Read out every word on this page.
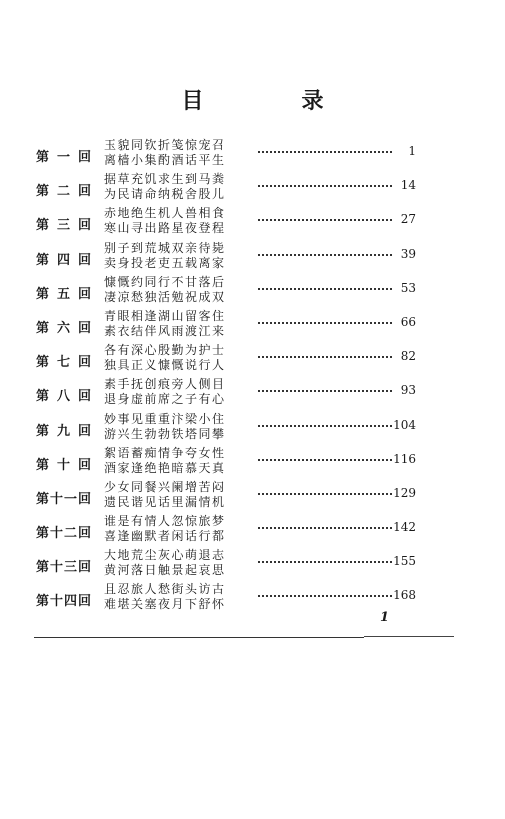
目　录
第一回
玉貌同钦折笺惊宠召
离樯小集酌酒话平生
1
第二回
据草充饥求生到马粪
为民请命纳税舍股儿
14
第三回
赤地绝生机人兽相食
寒山寻出路星夜登程
27
第四回
别子到荒城双亲待毙
卖身投老吏五载离家
39
第五回
慷慨约同行不甘落后
凄凉愁独活勉祝成双
53
第六回
青眼相逢湖山留客住
素衣结伴风雨渡江来
66
第七回
各有深心殷勤为护士
独具正义慷慨说行人
82
第八回
素手抚创痕旁人侧目
退身虚前席之子有心
93
第九回
妙事见重重汴梁小住
游兴生勃勃铁塔同攀
104
第十回
絮语蓄痴情争夸女性
酒家逢绝艳暗慕天真
116
第十一回
少女同餐兴阑增苦闷
遗民谐见话里漏情机
129
第十二回
谁是有情人忽惊旅梦
喜逢幽默者闲话行都
142
第十三回
大地荒尘灰心萌退志
黄河落日触景起哀思
155
第十四回
且忍旅人愁街头访古
难堪关塞夜月下舒怀
168
1
